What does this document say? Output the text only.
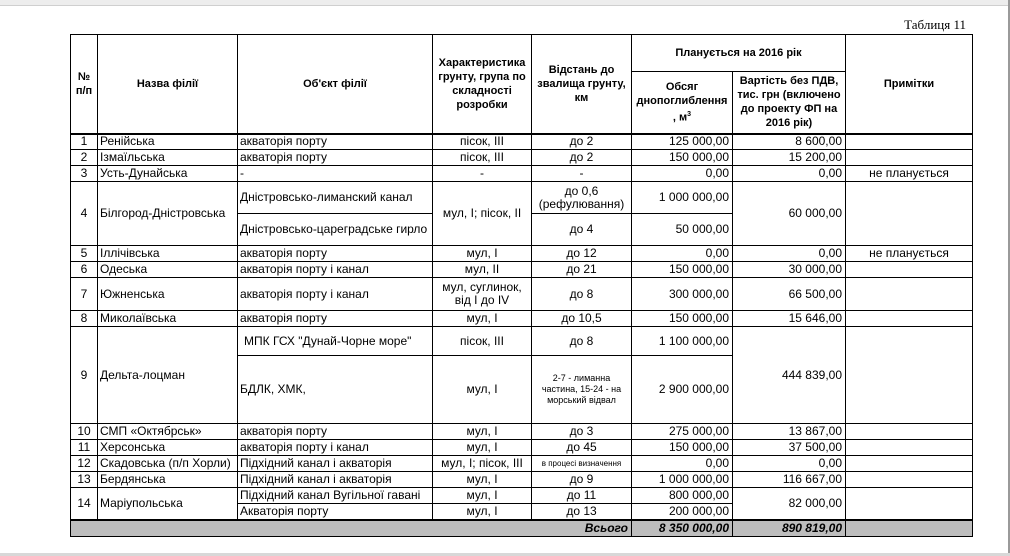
Таблиця 11
№ п/п	Назва філії	Об'єкт філії	Характеристика грунту, група по складності розробки	Відстань до звалища грунту, км	Планується на 2016 рік		Примітки
					Обсяг днопоглиблення , $м^3$	Вартість без ПДВ, тис. грн (включено до проекту ФП на 2016 рік)	
1	Ренійська	акваторія порту	пісок, ІІІ	до 2	125 000,00	8 600,00	
2	Ізмаїльська	акваторія порту	пісок, ІІІ	до 2	150 000,00	15 200,00	
3	Усть-Дунайська	-	-	-	0,00	0,00	не планується
4	Білгород-Дністровська	Дністровсько-лиманский канал	мул, І; пісок, ІІ	до 0,6 (рефулювання)	1 000 000,00	60 000,00	
		Дністровсько-цареградське гирло		до 4	50 000,00		
5	Іллічівська	акваторія порту	мул, І	до 12	0,00	0,00	не планується
6	Одеська	акваторія порту і канал	мул, ІІ	до 21	150 000,00	30 000,00	
7	Южненська	акваторія порту і канал	мул, суглинок, від І до IV	до 8	300 000,00	66 500,00	
8	Миколаївська	акваторія порту	мул, І	до 10,5	150 000,00	15 646,00	
9	Дельта-лоцман	МПК ГСХ "Дунай-Чорне море"	пісок, ІІІ	до 8	1 100 000,00	444 839,00	
		БДЛК, ХМК,	мул, І	2-7 - лиманна частина, 15-24 - на морський відвал	2 900 000,00		
10	СМП «Октябрськ»	акваторія порту	мул, І	до 3	275 000,00	13 867,00	
11	Херсонська	акваторія порту і канал	мул, І	до 45	150 000,00	37 500,00	
12	Скадовська (п/п Хорли)	Підхідний канал і акваторія	мул, І; пісок, ІІІ	в процесі визначення	0,00	0,00	
13	Бердянська	Підхідний канал і акваторія	мул, І	до 9	1 000 000,00	116 667,00	
14	Маріупольська	Підхідний канал Вугільної гавані	мул, І	до 11	800 000,00	82 000,00	
		Акваторія порту	мул, І	до 13	200 000,00		
Всього					8 350 000,00	890 819,00	
